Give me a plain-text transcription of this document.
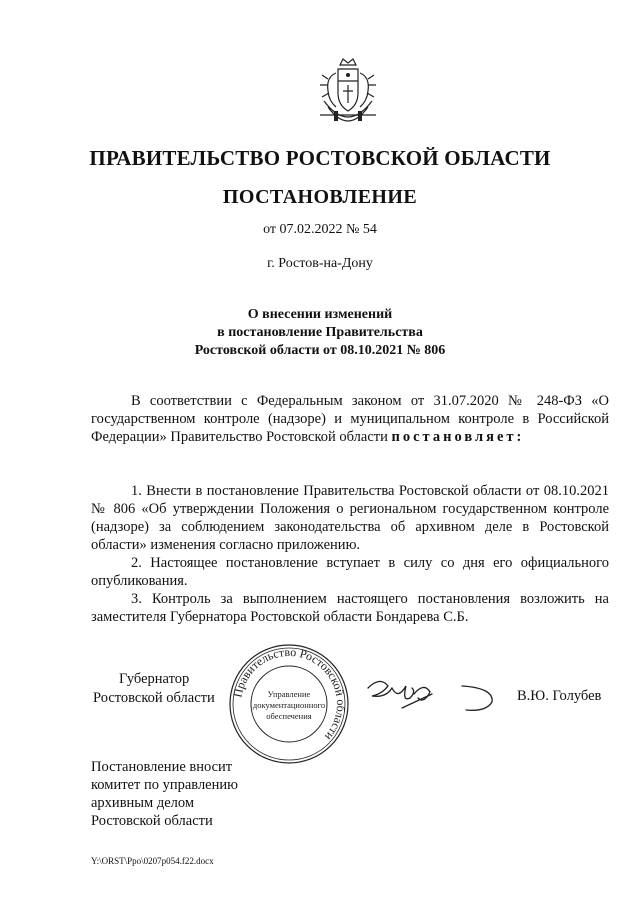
ПРАВИТЕЛЬСТВО РОСТОВСКОЙ ОБЛАСТИ
ПОСТАНОВЛЕНИЕ
от 07.02.2022 № 54
г. Ростов-на-Дону
О внесении изменений
в постановление Правительства
Ростовской области от 08.10.2021 № 806

В соответствии с Федеральным законом от 31.07.2020 № 248-ФЗ «О государственном контроле (надзоре) и муниципальном контроле в Российской Федерации» Правительство Ростовской области постановляет:

1. Внести в постановление Правительства Ростовской области от 08.10.2021 № 806 «Об утверждении Положения о региональном государственном контроле (надзоре) за соблюдением законодательства об архивном деле в Ростовской области» изменения согласно приложению.

2. Настоящее постановление вступает в силу со дня его официального опубликования.

3. Контроль за выполнением настоящего постановления возложить на заместителя Губернатора Ростовской области Бондарева С.Б.

Губернатор
Ростовской области Правительство Ростовской области
Управление
документационного
обеспечения
В.Ю. Голубев
Постановление вносит
комитет по управлению
архивным делом
Ростовской области
Y:\ORST\Ppo\0207p054.f22.docx
